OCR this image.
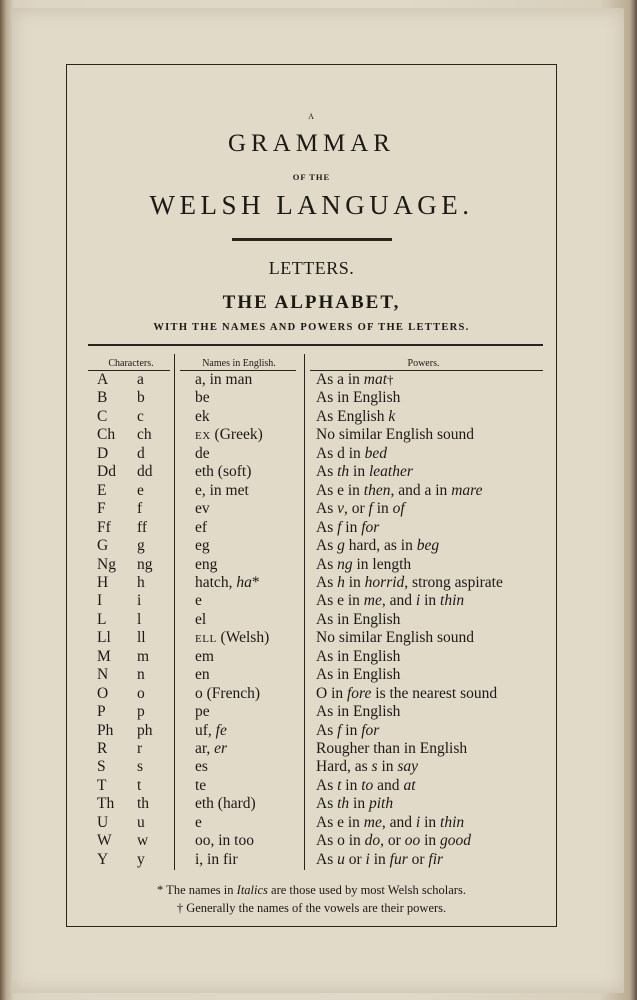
A
GRAMMAR
OF THE
WELSH LANGUAGE.
LETTERS.
THE ALPHABET,
WITH THE NAMES AND POWERS OF THE LETTERS.
Characters.	Names in English.	Powers.
A a	a, in man	As a in mat†
B b	be	As in English
C c	ek	As English k
Ch ch	ex (Greek)	No similar English sound
D d	de	As d in bed
Dd dd	eth (soft)	As th in leather
E e	e, in met	As e in then, and a in mare
F f	ev	As v, or f in of
Ff ff	ef	As f in for
G g	eg	As g hard, as in beg
Ng ng	eng	As ng in length
H h	hatch, ha*	As h in horrid, strong aspirate
I i	e	As e in me, and i in thin
L l	el	As in English
Ll ll	ell (Welsh)	No similar English sound
M m	em	As in English
N n	en	As in English
O o	o (French)	O in fore is the nearest sound
P p	pe	As in English
Ph ph	uf, fe	As f in for
R r	ar, er	Rougher than in English
S s	es	Hard, as s in say
T t	te	As t in to and at
Th th	eth (hard)	As th in pith
U u	e	As e in me, and i in thin
W w	oo, in too	As o in do, or oo in good
Y y	i, in fir	As u or i in fur or fir
* The names in Italics are those used by most Welsh scholars.
† Generally the names of the vowels are their powers.
